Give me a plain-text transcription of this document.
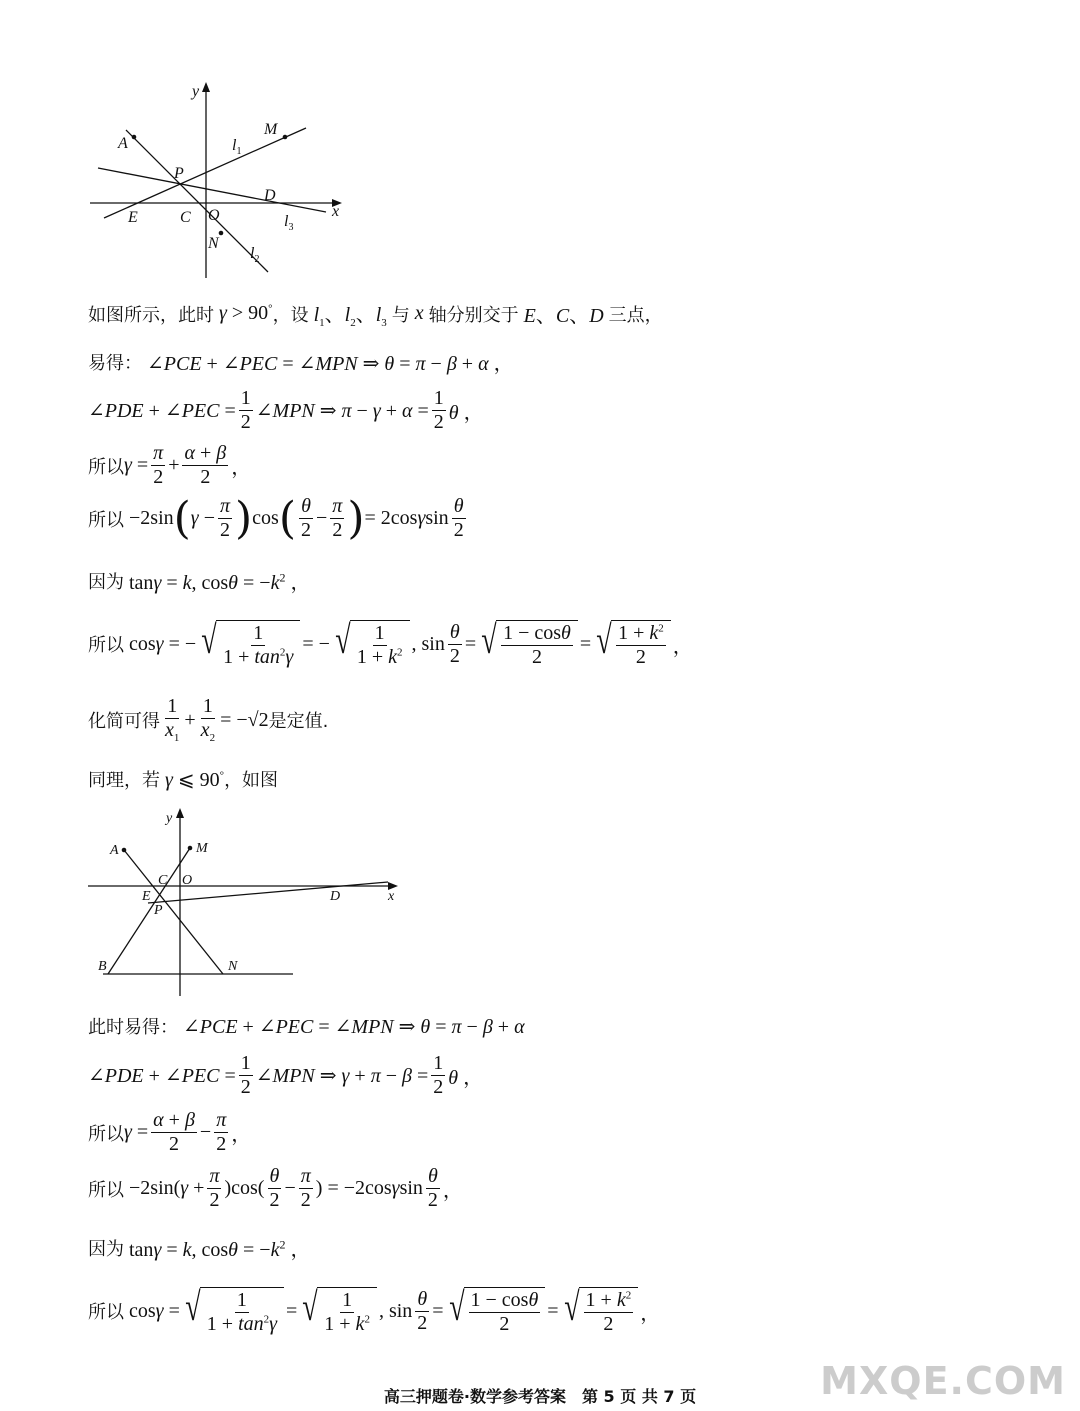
y
x
A
M
P
D
E	C O
N
$l_1$
$l_2$
$l_3$
如图所示，此时 γ > 90° ，设 $l_1$、$l_2$、$l_3$ 与 x 轴分别交于 E、C、D 三点，
易得： ∠PCE + ∠PEC = ∠MPN ⇒ θ = π − β + α ，
∠PDE + ∠PEC = $\frac{1}{2}$ ∠MPN ⇒ $\pi - \gamma + \alpha = \frac{1}{2}$ θ ，
所以 $\gamma = \frac{\pi}{2} + \frac{\alpha + \beta}{2}$ ，
所以 −2sin ( $\gamma - \frac{\pi}{2}$ ) cos ( $\frac{\theta}{2} - \frac{\pi}{2}$ ) = $2\cos\gamma\sin \frac{\theta}{2}$
因为 tanγ = k, $\cos\theta = -k^2$ ，
所以 cosγ = − √ $\frac{1}{1 + \tan^2\gamma}$ = − √ $\frac{1}{1 + k^2}$ , $\sin \frac{\theta}{2}$ = √ $\frac{1 - \cos\theta}{2}$ = √ $\frac{1 + k^2}{2}$ ，
化简可得 $\frac{1}{x_1} + \frac{1}{x_2} = -√2$ 是定值.
同理，若 γ ⩽ 90° ，如图
y
x
A	M
C O
E
P
D
B	N
此时易得： ∠PCE + ∠PEC = ∠MPN ⇒ θ = π − β + α
∠PDE + ∠PEC = $\frac{1}{2}$ ∠MPN ⇒ $\gamma + \pi - \beta = \frac{1}{2}$ θ ，
所以 $\gamma = \frac{\alpha + \beta}{2} - \frac{\pi}{2}$ ，
所以 $-2\sin(\gamma + \frac{\pi}{2} )\cos( \frac{\theta}{2} - \frac{\pi}{2}$ ) = $-2\cos\gamma\sin \frac{\theta}{2}$ ，
因为 tanγ = k, $\cos\theta = -k^2$ ，
所以 cosγ = √ $\frac{1}{1 + \tan^2\gamma}$ = √ $\frac{1}{1 + k^2}$ , $\sin \frac{\theta}{2}$ = √ $\frac{1 - \cos\theta}{2}$ = √ $\frac{1 + k^2}{2}$ ，
高三押题卷·数学参考答案　第 5 页 共 7 页	MXQE.COM
